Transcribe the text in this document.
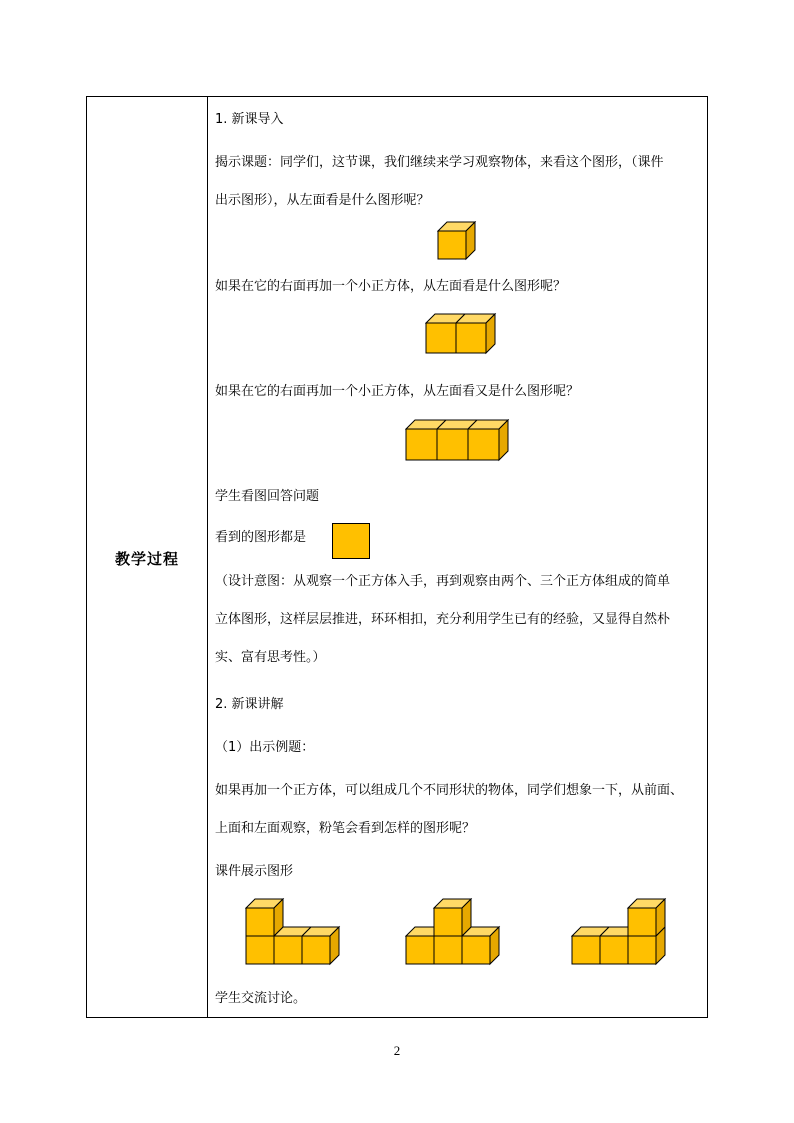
教学过程
1. 新课导入
揭示课题：同学们，这节课，我们继续来学习观察物体，来看这个图形，（课件
出示图形），从左面看是什么图形呢？
如果在它的右面再加一个小正方体，从左面看是什么图形呢？
如果在它的右面再加一个小正方体，从左面看又是什么图形呢？
学生看图回答问题
看到的图形都是
（设计意图：从观察一个正方体入手，再到观察由两个、三个正方体组成的简单
立体图形，这样层层推进，环环相扣，充分利用学生已有的经验，又显得自然朴
实、富有思考性。）
2. 新课讲解
（1）出示例题：
如果再加一个正方体，可以组成几个不同形状的物体，同学们想象一下，从前面、
上面和左面观察，粉笔会看到怎样的图形呢？
课件展示图形
学生交流讨论。
2
